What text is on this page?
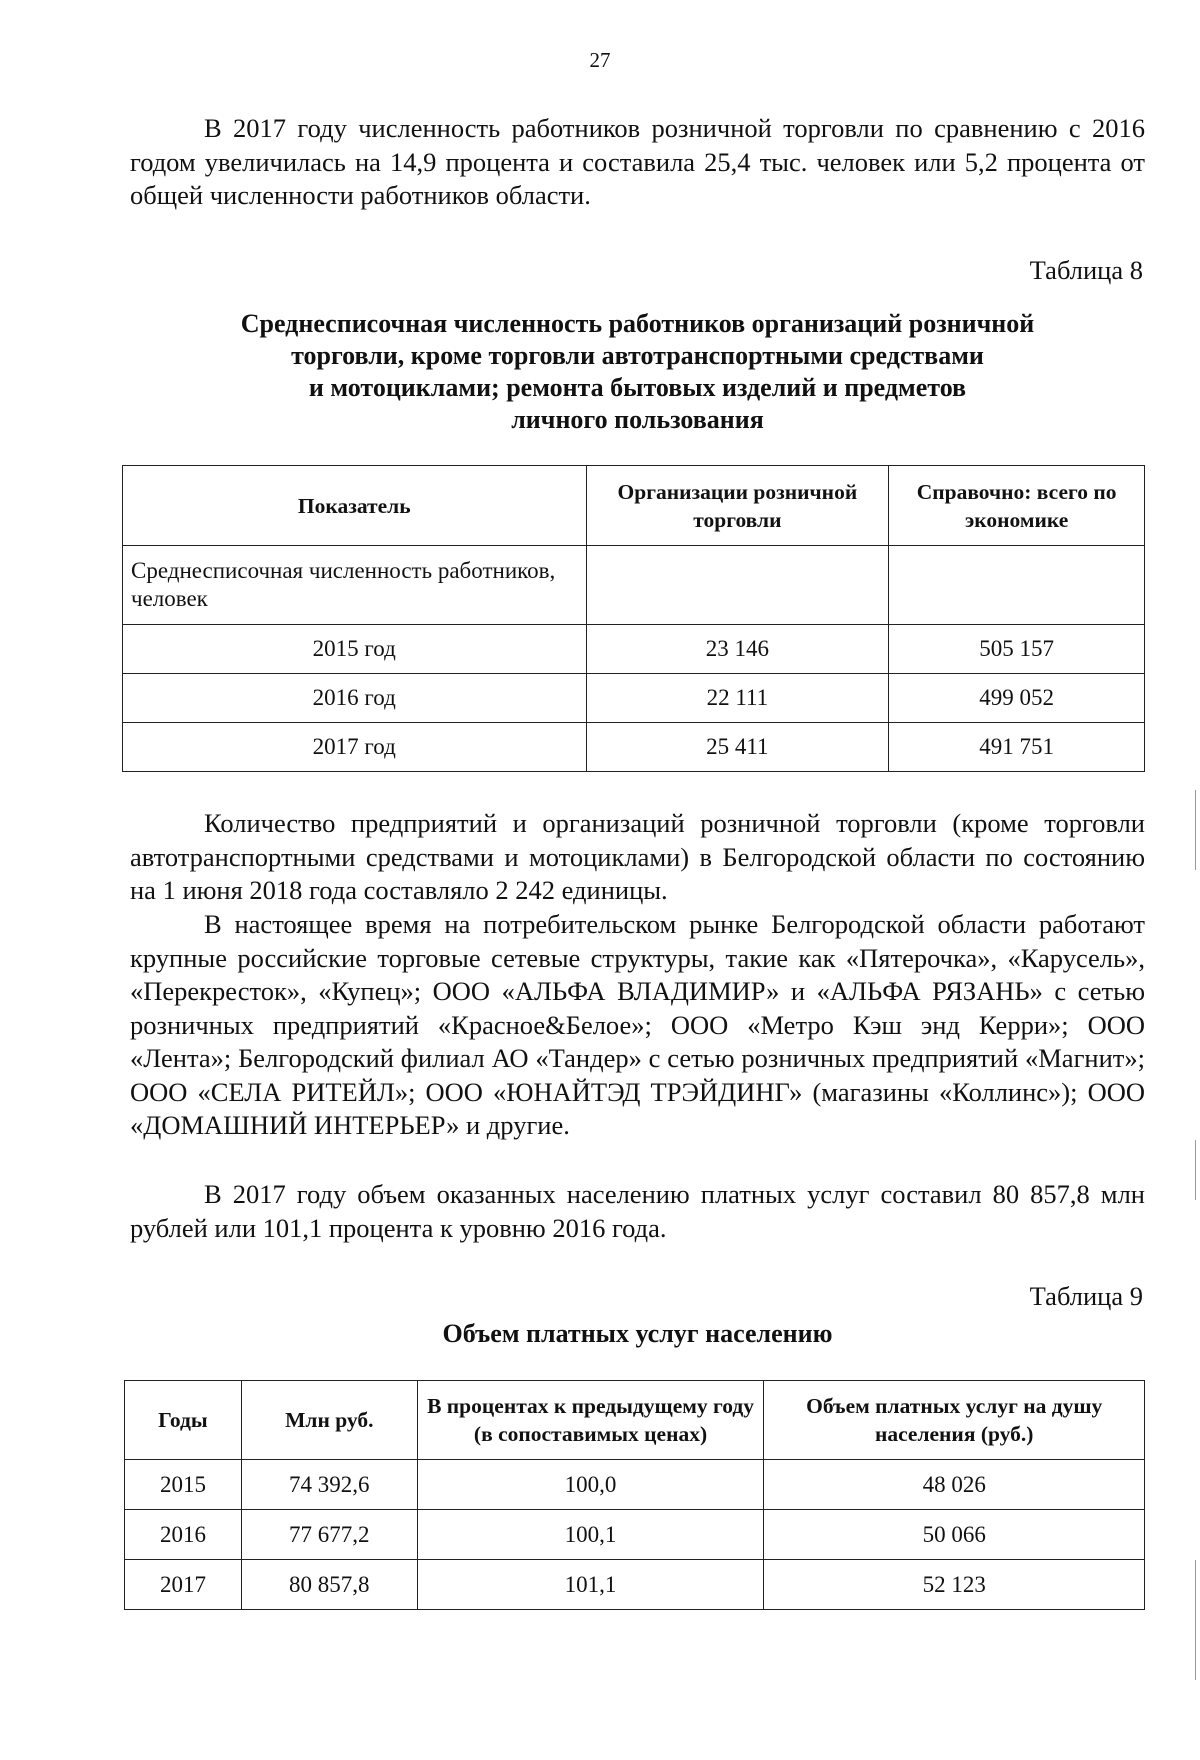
27

В 2017 году численность работников розничной торговли по сравнению с 2016 годом увеличилась на 14,9 процента и составила 25,4 тыс. человек или 5,2 процента от общей численности работников области.

Таблица 8
Среднесписочная численность работников организаций розничной
торговли, кроме торговли автотранспортными средствами
и мотоциклами; ремонта бытовых изделий и предметов
личного пользования
Показатель	Организации розничной торговли	Справочно: всего по экономике
Среднесписочная численность работников, человек		
2015 год	23 146	505 157
2016 год	22 111	499 052
2017 год	25 411	491 751

Количество предприятий и организаций розничной торговли (кроме торговли автотранспортными средствами и мотоциклами) в Белгородской области по состоянию на 1 июня 2018 года составляло 2 242 единицы.

В настоящее время на потребительском рынке Белгородской области работают крупные российские торговые сетевые структуры, такие как «Пятерочка», «Карусель», «Перекресток», «Купец»; ООО «АЛЬФА ВЛАДИМИР» и «АЛЬФА РЯЗАНЬ» с сетью розничных предприятий «Красное&Белое»; ООО «Метро Кэш энд Керри»; ООО «Лента»; Белгородский филиал АО «Тандер» с сетью розничных предприятий «Магнит»; ООО «СЕЛА РИТЕЙЛ»; ООО «ЮНАЙТЭД ТРЭЙДИНГ» (магазины «Коллинс»); ООО «ДОМАШНИЙ ИНТЕРЬЕР» и другие.

В 2017 году объем оказанных населению платных услуг составил 80 857,8 млн рублей или 101,1 процента к уровню 2016 года.

Таблица 9
Объем платных услуг населению
Годы	Млн руб.	В процентах к предыдущему году (в сопоставимых ценах)	Объем платных услуг на душу населения (руб.)
2015	74 392,6	100,0	48 026
2016	77 677,2	100,1	50 066
2017	80 857,8	101,1	52 123
